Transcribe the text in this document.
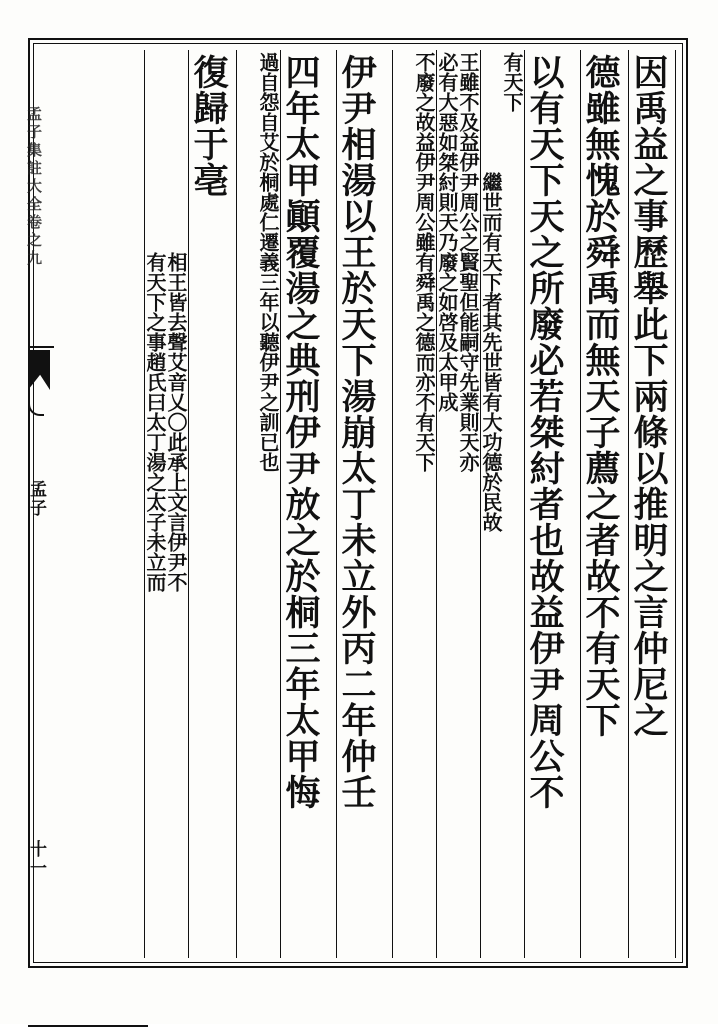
孟子集註大全卷之九
孟子
十一
因禹益之事歷舉此下兩條以推明之言仲尼之
德雖無愧於舜禹而無天子薦之者故不有天下
以有天下天之所廢必若桀紂者也故益伊尹周公不
有天下
繼世而有天下者其先世皆有大功德於民故
王雖不及益伊尹周公之賢聖但能嗣守先業則天亦
必有大惡如桀紂則天乃廢之如啓及太甲成
不廢之故益伊尹周公雖有舜禹之德而亦不有天下
伊尹相湯以王於天下湯崩太丁未立外丙二年仲壬
四年太甲顚覆湯之典刑伊尹放之於桐三年太甲悔
過自怨自艾於桐處仁遷義三年以聽伊尹之訓已也
復歸于亳
相王皆去聲艾音乂〇此承上文言伊尹不
有天下之事趙氏曰太丁湯之太子未立而
